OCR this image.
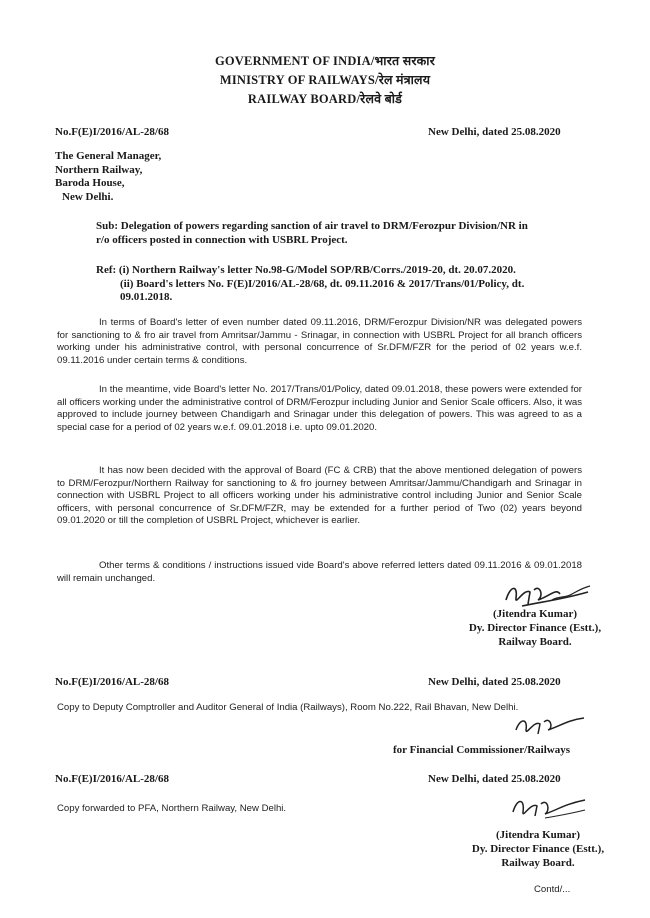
GOVERNMENT OF INDIA/भारत सरकार
MINISTRY OF RAILWAYS/रेल मंत्रालय
RAILWAY BOARD/रेलवे बोर्ड
No.F(E)I/2016/AL-28/68	New Delhi, dated 25.08.2020
The General Manager,
Northern Railway,
Baroda House,
New Delhi.
Sub: Delegation of powers regarding sanction of air travel to DRM/Ferozpur Division/NR in
r/o officers posted in connection with USBRL Project.
Ref: (i) Northern Railway's letter No.98-G/Model SOP/RB/Corrs./2019-20, dt. 20.07.2020.
(ii) Board's letters No. F(E)I/2016/AL-28/68, dt. 09.11.2016 & 2017/Trans/01/Policy, dt.
09.01.2018.
In terms of Board's letter of even number dated 09.11.2016, DRM/Ferozpur Division/NR was delegated powers for sanctioning to & fro air travel from Amritsar/Jammu - Srinagar, in connection with USBRL Project for all branch officers working under his administrative control, with personal concurrence of Sr.DFM/FZR for the period of 02 years w.e.f. 09.11.2016 under certain terms & conditions.
In the meantime, vide Board's letter No. 2017/Trans/01/Policy, dated 09.01.2018, these powers were extended for all officers working under the administrative control of DRM/Ferozpur including Junior and Senior Scale officers. Also, it was approved to include journey between Chandigarh and Srinagar under this delegation of powers. This was agreed to as a special case for a period of 02 years w.e.f. 09.01.2018 i.e. upto 09.01.2020.
It has now been decided with the approval of Board (FC & CRB) that the above mentioned delegation of powers to DRM/Ferozpur/Northern Railway for sanctioning to & fro journey between Amritsar/Jammu/Chandigarh and Srinagar in connection with USBRL Project to all officers working under his administrative control including Junior and Senior Scale officers, with personal concurrence of Sr.DFM/FZR, may be extended for a further period of Two (02) years beyond 09.01.2020 or till the completion of USBRL Project, whichever is earlier.
Other terms & conditions / instructions issued vide Board's above referred letters dated 09.11.2016 & 09.01.2018 will remain unchanged.
(Jitendra Kumar)
Dy. Director Finance (Estt.),
Railway Board.
No.F(E)I/2016/AL-28/68	New Delhi, dated 25.08.2020
Copy to Deputy Comptroller and Auditor General of India (Railways), Room No.222, Rail Bhavan, New Delhi.
for Financial Commissioner/Railways
No.F(E)I/2016/AL-28/68	New Delhi, dated 25.08.2020
Copy forwarded to PFA, Northern Railway, New Delhi.
(Jitendra Kumar)
Dy. Director Finance (Estt.),
Railway Board.
Contd/...
